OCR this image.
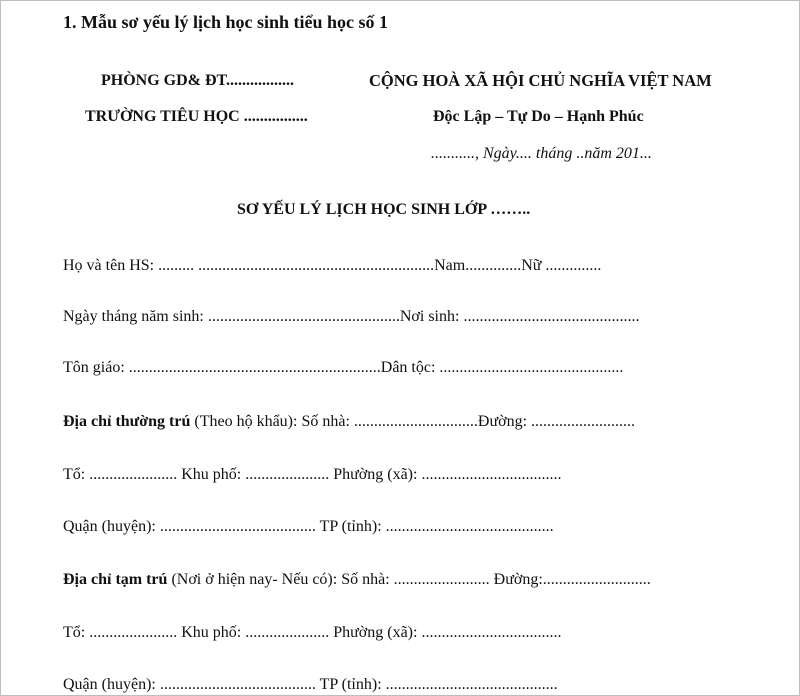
1. Mẫu sơ yếu lý lịch học sinh tiểu học số 1
PHÒNG GD& ĐT.................
TRƯỜNG TIÊU HỌC ................
CỘNG HOÀ XÃ HỘI CHỦ NGHĨA VIỆT NAM
Độc Lập – Tự Do – Hạnh Phúc
..........., Ngày.... tháng ..năm 201...
SƠ YẾU LÝ LỊCH HỌC SINH LỚP ……..
Họ và tên HS: ......... ...........................................................Nam..............Nữ ..............
Ngày tháng năm sinh: ................................................Nơi sinh: ............................................
Tôn giáo: ...............................................................Dân tộc: ..............................................
Địa chỉ thường trú (Theo hộ khẩu): Số nhà: ...............................Đường: ..........................
Tổ: ...................... Khu phố: ..................... Phường (xã): ...................................
Quận (huyện): ....................................... TP (tỉnh): ..........................................
Địa chỉ tạm trú (Nơi ở hiện nay- Nếu có): Số nhà: ........................ Đường:...........................
Tổ: ...................... Khu phố: ..................... Phường (xã): ...................................
Quận (huyện): ....................................... TP (tỉnh): ...........................................
